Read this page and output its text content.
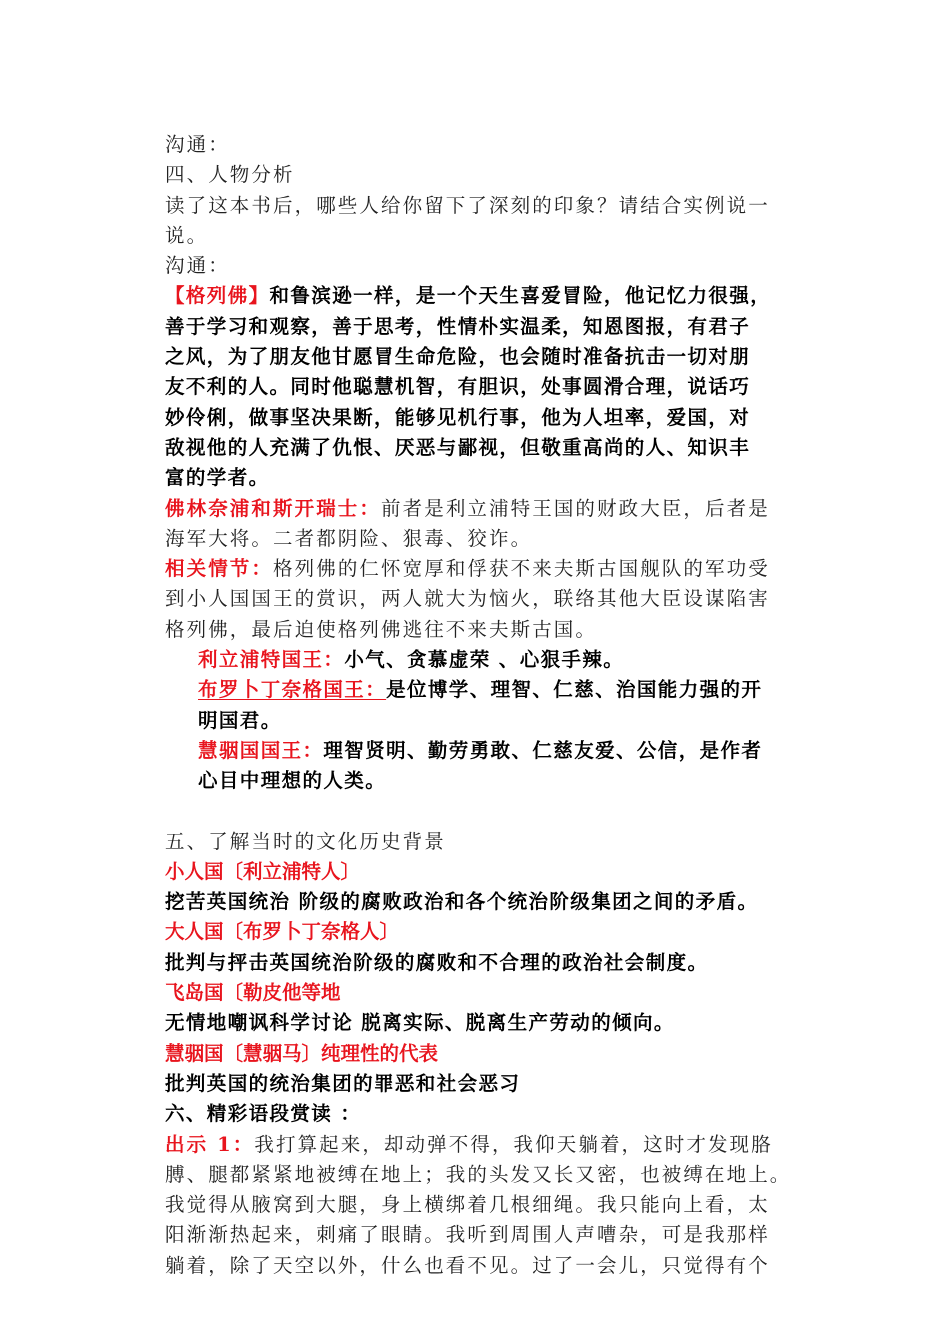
沟通：
四、人物分析
读了这本书后，哪些人给你留下了深刻的印象？请结合实例说一
说。
沟通：
【格列佛】和鲁滨逊一样，是一个天生喜爱冒险，他记忆力很强，
善于学习和观察，善于思考，性情朴实温柔，知恩图报，有君子
之风，为了朋友他甘愿冒生命危险，也会随时准备抗击一切对朋
友不利的人。同时他聪慧机智，有胆识，处事圆滑合理，说话巧
妙伶俐，做事坚决果断，能够见机行事，他为人坦率，爱国，对
敌视他的人充满了仇恨、厌恶与鄙视，但敬重高尚的人、知识丰
富的学者。
佛林奈浦和斯开瑞士：前者是利立浦特王国的财政大臣，后者是
海军大将。二者都阴险、狠毒、狡诈。
相关情节：格列佛的仁怀宽厚和俘获不来夫斯古国舰队的军功受
到小人国国王的赏识，两人就大为恼火，联络其他大臣设谋陷害
格列佛，最后迫使格列佛逃往不来夫斯古国。
利立浦特国王：小气、贪慕虚荣 、心狠手辣。
布罗卜丁奈格国王：是位博学、理智、仁慈、治国能力强的开
明国君。
慧骃国国王：理智贤明、勤劳勇敢、仁慈友爱、公信，是作者
心目中理想的人类。
五、了解当时的文化历史背景
小人国〔利立浦特人〕
挖苦英国统治 阶级的腐败政治和各个统治阶级集团之间的矛盾。
大人国〔布罗卜丁奈格人〕
批判与抨击英国统治阶级的腐败和不合理的政治社会制度。
飞岛国〔勒皮他等地
无情地嘲讽科学讨论 脱离实际、脱离生产劳动的倾向。
慧骃国〔慧骃马〕纯理性的代表
批判英国的统治集团的罪恶和社会恶习
六、精彩语段赏读 ：
出示 1：我打算起来，却动弹不得，我仰天躺着，这时才发现胳
膊、腿都紧紧地被缚在地上；我的头发又长又密，也被缚在地上。
我觉得从腋窝到大腿，身上横绑着几根细绳。我只能向上看，太
阳渐渐热起来，刺痛了眼睛。我听到周围人声嘈杂，可是我那样
躺着，除了天空以外，什么也看不见。过了一会儿，只觉得有个
